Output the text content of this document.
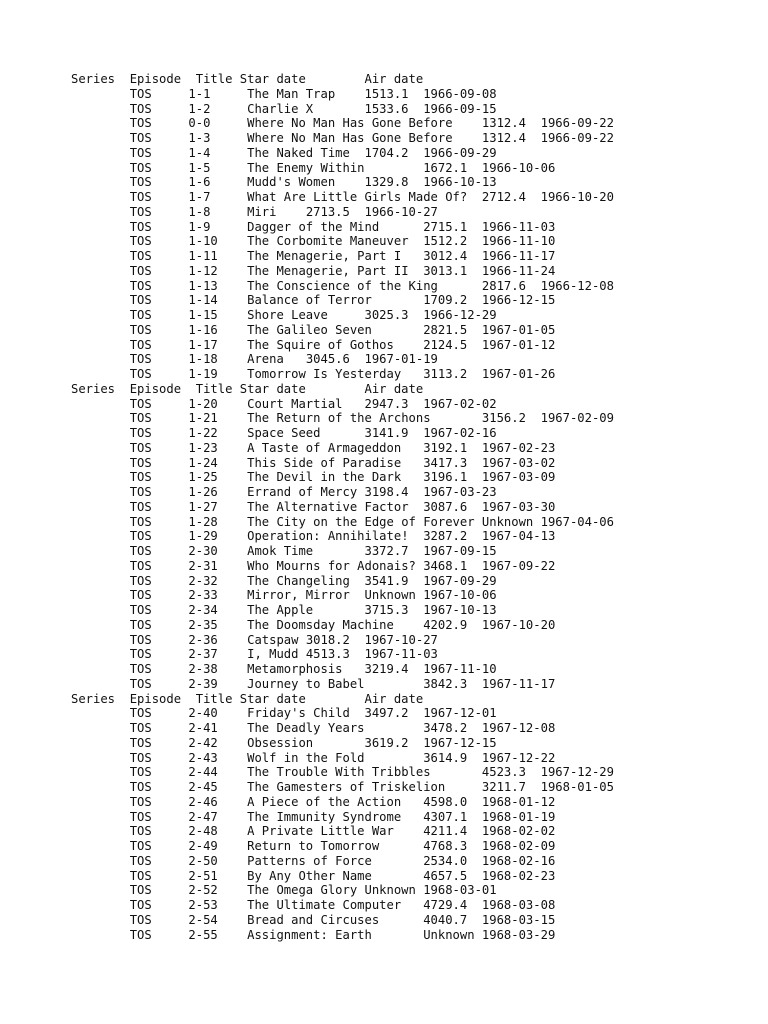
Series	Episode	Title Star date	Air date
	TOS	1-1	The Man Trap	1513.1	1966-09-08
	TOS	1-2	Charlie X	1533.6	1966-09-15
	TOS	0-0	Where No Man Has Gone Before	1312.4	1966-09-22
	TOS	1-3	Where No Man Has Gone Before	1312.4	1966-09-22
	TOS	1-4	The Naked Time	1704.2	1966-09-29
	TOS	1-5	The Enemy Within	1672.1	1966-10-06
	TOS	1-6	Mudd's Women	1329.8	1966-10-13
	TOS	1-7	What Are Little Girls Made Of?	2712.4	1966-10-20
	TOS	1-8	Miri	2713.5	1966-10-27
	TOS	1-9	Dagger of the Mind	2715.1	1966-11-03
	TOS	1-10	The Corbomite Maneuver	1512.2	1966-11-10
	TOS	1-11	The Menagerie, Part I	3012.4	1966-11-17
	TOS	1-12	The Menagerie, Part II	3013.1	1966-11-24
	TOS	1-13	The Conscience of the King	2817.6	1966-12-08
	TOS	1-14	Balance of Terror	1709.2	1966-12-15
	TOS	1-15	Shore Leave	3025.3	1966-12-29
	TOS	1-16	The Galileo Seven	2821.5	1967-01-05
	TOS	1-17	The Squire of Gothos	2124.5	1967-01-12
	TOS	1-18	Arena	3045.6	1967-01-19
	TOS	1-19	Tomorrow Is Yesterday	3113.2	1967-01-26
Series	Episode	Title Star date	Air date
	TOS	1-20	Court Martial	2947.3	1967-02-02
	TOS	1-21	The Return of the Archons	3156.2	1967-02-09
	TOS	1-22	Space Seed	3141.9	1967-02-16
	TOS	1-23	A Taste of Armageddon	3192.1	1967-02-23
	TOS	1-24	This Side of Paradise	3417.3	1967-03-02
	TOS	1-25	The Devil in the Dark	3196.1	1967-03-09
	TOS	1-26	Errand of Mercy	3198.4	1967-03-23
	TOS	1-27	The Alternative Factor	3087.6	1967-03-30
	TOS	1-28	The City on the Edge of Forever	Unknown	1967-04-06
	TOS	1-29	Operation: Annihilate!	3287.2	1967-04-13
	TOS	2-30	Amok Time	3372.7	1967-09-15
	TOS	2-31	Who Mourns for Adonais?	3468.1	1967-09-22
	TOS	2-32	The Changeling	3541.9	1967-09-29
	TOS	2-33	Mirror, Mirror	Unknown	1967-10-06
	TOS	2-34	The Apple	3715.3	1967-10-13
	TOS	2-35	The Doomsday Machine	4202.9	1967-10-20
	TOS	2-36	Catspaw	3018.2	1967-10-27
	TOS	2-37	I, Mudd	4513.3	1967-11-03
	TOS	2-38	Metamorphosis	3219.4	1967-11-10
	TOS	2-39	Journey to Babel	3842.3	1967-11-17
Series	Episode	Title Star date	Air date
	TOS	2-40	Friday's Child	3497.2	1967-12-01
	TOS	2-41	The Deadly Years	3478.2	1967-12-08
	TOS	2-42	Obsession	3619.2	1967-12-15
	TOS	2-43	Wolf in the Fold	3614.9	1967-12-22
	TOS	2-44	The Trouble With Tribbles	4523.3	1967-12-29
	TOS	2-45	The Gamesters of Triskelion	3211.7	1968-01-05
	TOS	2-46	A Piece of the Action	4598.0	1968-01-12
	TOS	2-47	The Immunity Syndrome	4307.1	1968-01-19
	TOS	2-48	A Private Little War	4211.4	1968-02-02
	TOS	2-49	Return to Tomorrow	4768.3	1968-02-09
	TOS	2-50	Patterns of Force	2534.0	1968-02-16
	TOS	2-51	By Any Other Name	4657.5	1968-02-23
	TOS	2-52	The Omega Glory	Unknown	1968-03-01
	TOS	2-53	The Ultimate Computer	4729.4	1968-03-08
	TOS	2-54	Bread and Circuses	4040.7	1968-03-15
	TOS	2-55	Assignment: Earth	Unknown	1968-03-29
